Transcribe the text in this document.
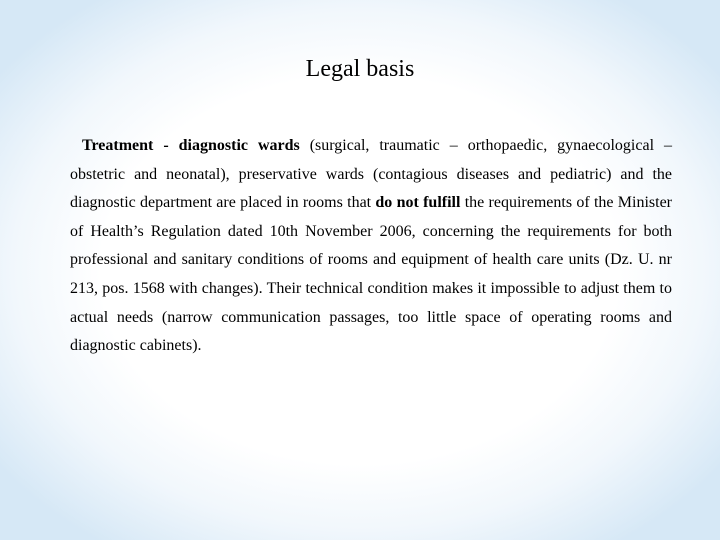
Legal basis

Treatment - diagnostic wards (surgical, traumatic – orthopaedic, gynaecological – obstetric and neonatal), preservative wards (contagious diseases and pediatric) and the diagnostic department are placed in rooms that do not fulfill the requirements of the Minister of Health’s Regulation dated 10th November 2006, concerning the requirements for both professional and sanitary conditions of rooms and equipment of health care units (Dz. U. nr 213, pos. 1568 with changes). Their technical condition makes it impossible to adjust them to actual needs (narrow communication passages, too little space of operating rooms and diagnostic cabinets).
